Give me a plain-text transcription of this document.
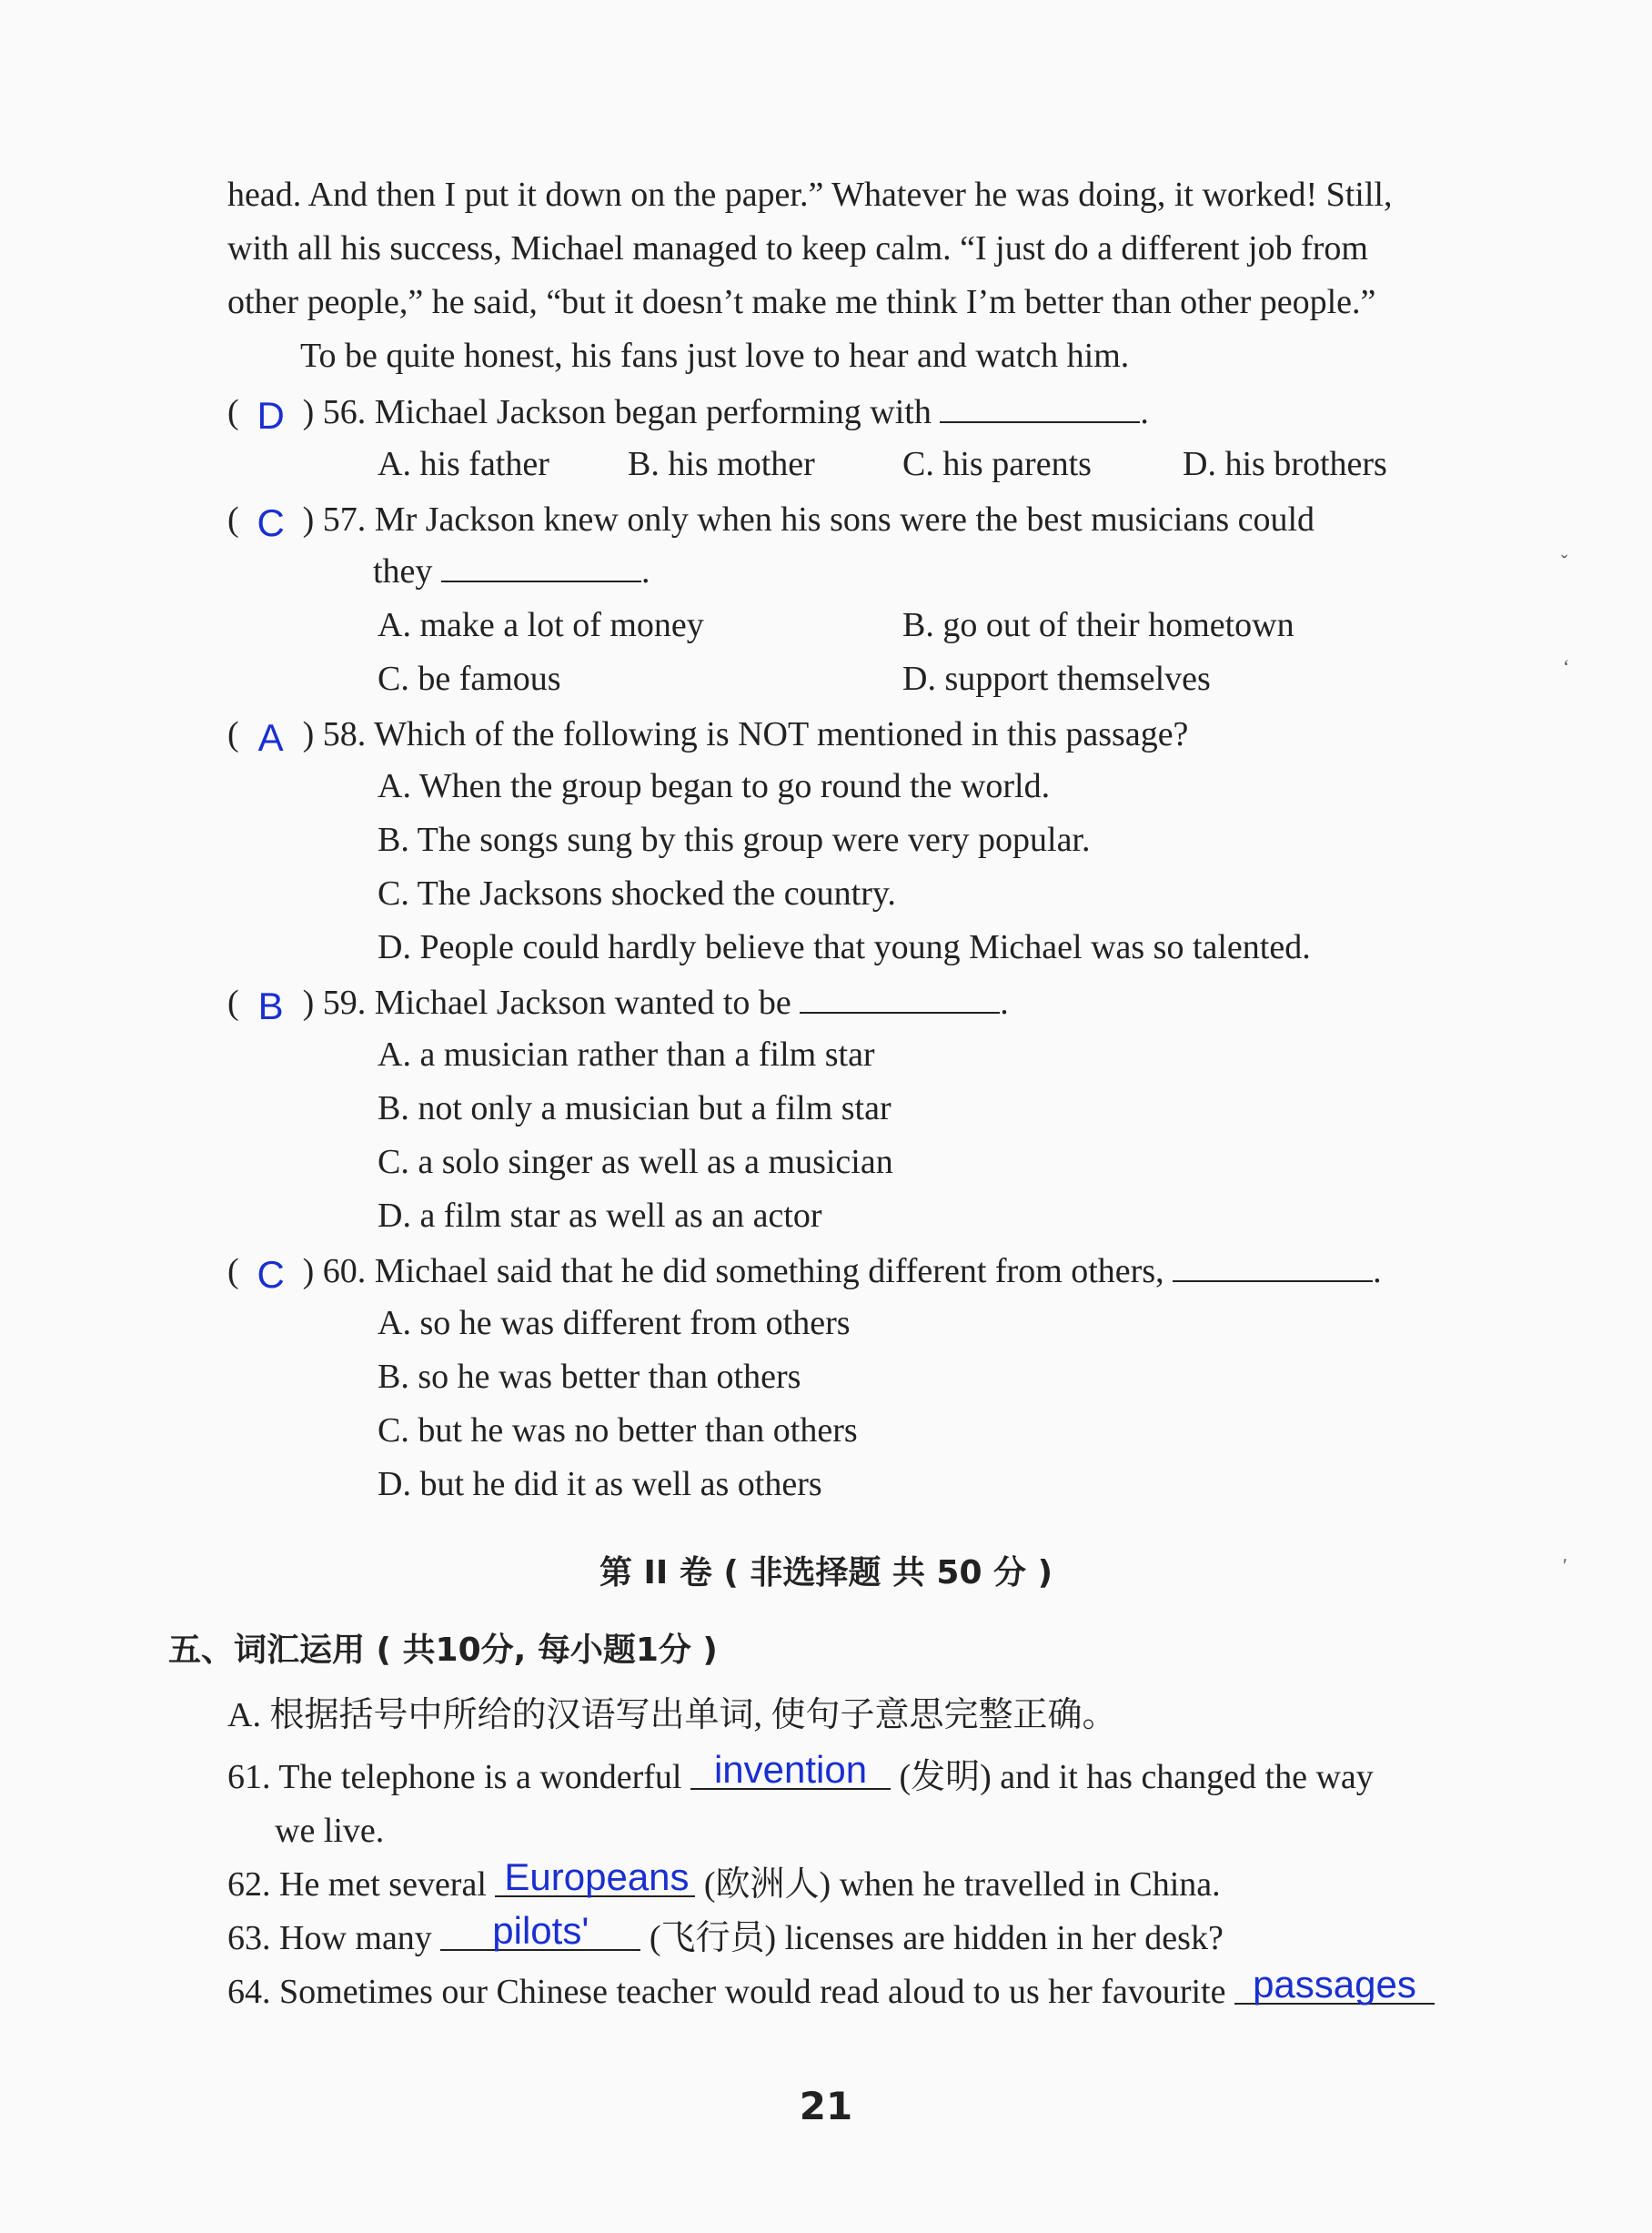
head. And then I put it down on the paper.” Whatever he was doing, it worked! Still,
with all his success, Michael managed to keep calm. “I just do a different job from
other people,” he said, “but it doesn’t make me think I’m better than other people.”
To be quite honest, his fans just love to hear and watch him.
( D ) 56. Michael Jackson began performing with	.
A. his father B. his mother	C. his parents	D. his brothers
( C ) 57. Mr Jackson knew only when his sons were the best musicians could
they	.
A. make a lot of money	B. go out of their hometown
C. be famous	D. support themselves
( A ) 58. Which of the following is NOT mentioned in this passage?
A. When the group began to go round the world.
B. The songs sung by this group were very popular.
C. The Jacksons shocked the country.
D. People could hardly believe that young Michael was so talented.
( B ) 59. Michael Jackson wanted to be	.
A. a musician rather than a film star
B. not only a musician but a film star
C. a solo singer as well as a musician
D. a film star as well as an actor
( C ) 60. Michael said that he did something different from others,	.
A. so he was different from others
B. so he was better than others
C. but he was no better than others
D. but he did it as well as others
第 II 卷 ( 非选择题 共 50 分 )
五、词汇运用 ( 共10分, 每小题1分 )
A. 根据括号中所给的汉语写出单词, 使句子意思完整正确。
61. The telephone is a wonderful invention (发明) and it has changed the way
we live.
62. He met several Europeans (欧洲人) when he travelled in China.
63. How many pilots' (飞行员) licenses are hidden in her desk?
64. Sometimes our Chinese teacher would read aloud to us her favourite passages
21
ˇ
‘
ʹ
